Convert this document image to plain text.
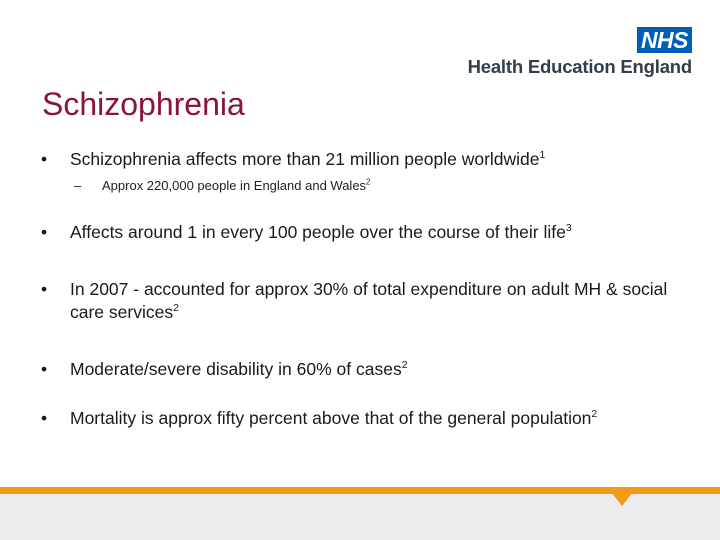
NHS
Health Education England
Schizophrenia
• Schizophrenia affects more than 21 million people worldwide$^1$
– Approx 220,000 people in England and Wales$^2$
• Affects around 1 in every 100 people over the course of their life$^3$
• In 2007 - accounted for approx 30% of total expenditure on adult MH & social care services$^2$
• Moderate/severe disability in 60% of cases$^2$
• Mortality is approx fifty percent above that of the general population$^2$
